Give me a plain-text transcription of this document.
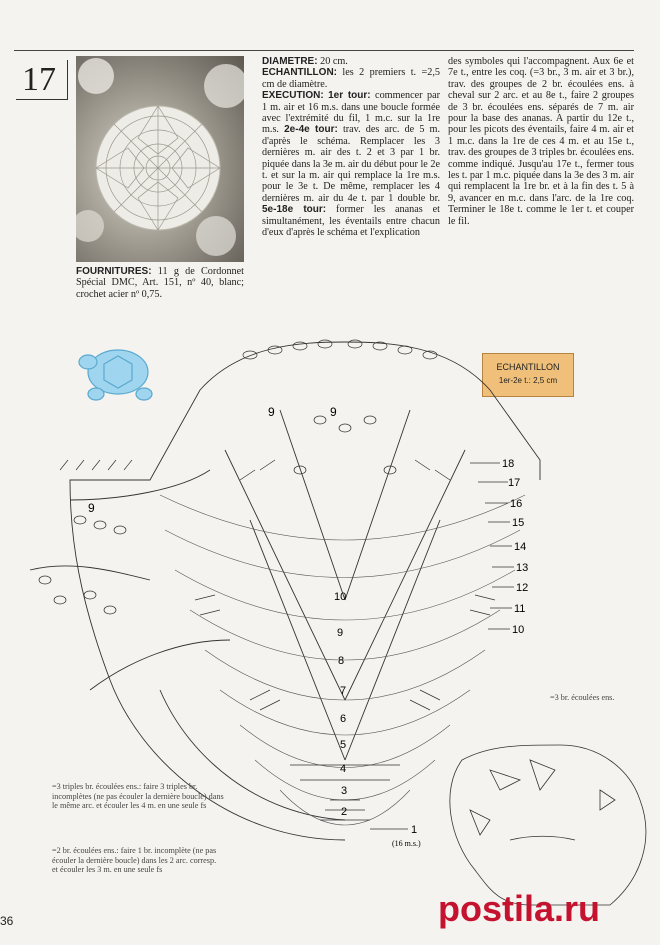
17

FOURNITURES: 11 g de Cordonnet Spécial DMC, Art. 151, nº 40, blanc; crochet acier nº 0,75.

DIAMETRE: 20 cm.

ECHANTILLON: les 2 premiers t. =2,5 cm de diamètre.

EXECUTION: 1er tour: commencer par 1 m. air et 16 m.s. dans une boucle formée avec l'extrémité du fil, 1 m.c. sur la 1re m.s. 2e-4e tour: trav. des arc. de 5 m. d'après le schéma. Remplacer les 3 dernières m. air des t. 2 et 3 par 1 br. piquée dans la 3e m. air du début pour le 2e t. et sur la m. air qui remplace la 1re m.s. pour le 3e t. De même, remplacer les 4 dernières m. air du 4e t. par 1 double br. 5e-18e tour: former les ananas et simultanément, les éventails entre chacun d'eux d'après le schéma et l'explication

des symboles qui l'accompagnent. Aux 6e et 7e t., entre les coq. (=3 br., 3 m. air et 3 br.), trav. des groupes de 2 br. écoulées ens. à cheval sur 2 arc. et au 8e t., faire 2 groupes de 3 br. écoulées ens. séparés de 7 m. air pour la base des ananas. A partir du 12e t., pour les picots des éventails, faire 4 m. air et 1 m.c. dans la 1re de ces 4 m. et au 15e t., trav. des groupes de 3 triples br. écoulées ens. comme indiqué. Jusqu'au 17e t., fermer tous les t. par 1 m.c. piquée dans la 3e des 3 m. air qui remplacent la 1re br. et à la fin des t. 5 à 9, avancer en m.c. dans l'arc. de la 1re coq. Terminer le 18e t. comme le 1er t. et couper le fil.

ECHANTILLON
1er-2e t.: 2,5 cm
9	9
9
18
17
16
15
14
13
12
11
10
10
9
8
7
6
5
4
3
2
1
(16 m.s.)
=3 triples br. écoulées ens.: faire 3 triples br. incomplètes (ne pas écouler la dernière boucle) dans le même arc. et écouler les 4 m. en une seule fs
=2 br. écoulées ens.: faire 1 br. incomplète (ne pas écouler la dernière boucle) dans les 2 arc. corresp. et écouler les 3 m. en une seule fs
=3 br. écoulées ens.
36	postila.ru
